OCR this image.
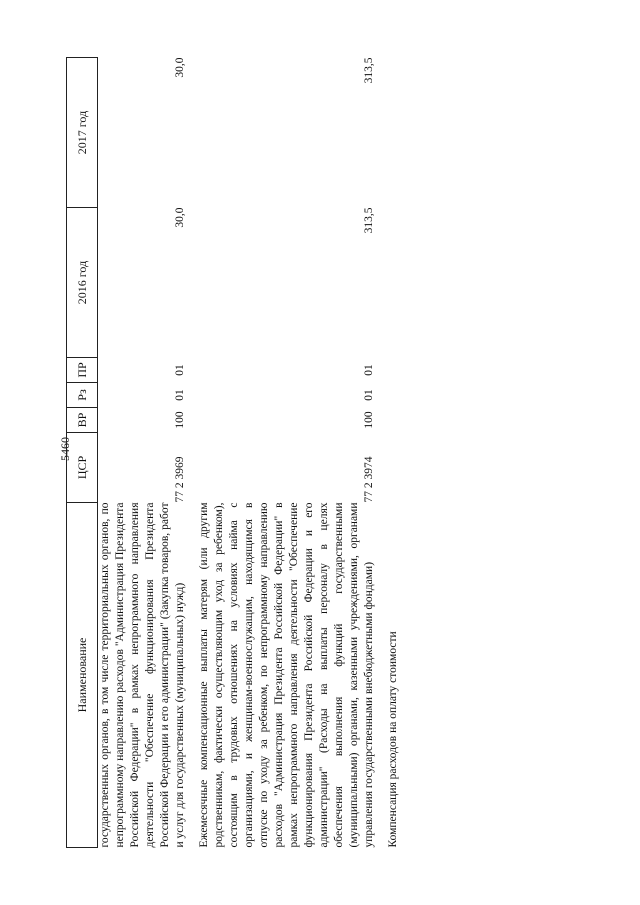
5460
Наименование	ЦСР	ВР	Рз	ПР	2016 год	2017 год
государственных органов, в том числе территориальных органов, по непрограммному направлению расходов "Администрация Президента Российской Федерации" в рамках непрограммного направления деятельности "Обеспечение функционирования Президента Российской Федерации и его администрации" (Закупка товаров, работ и услуг для государственных (муниципальных) нужд)	77 2 3969	100	01	01	30,0	30,0

Ежемесячные компенсационные выплаты матерям (или другим родственникам, фактически осуществляющим уход за ребенком), состоящим в трудовых отношениях на условиях найма с организациями, и женщинам-военнослужащим, находящимся в отпуске по уходу за ребенком, по непрограммному направлению расходов "Администрация Президента Российской Федерации" в рамках непрограммного направления деятельности "Обеспечение функционирования Президента Российской Федерации и его администрации" (Расходы на выплаты персоналу в целях обеспечения выполнения функций государственными (муниципальными) органами, казенными учреждениями, органами управления государственными внебюджетными фондами)	77 2 3974	100	01	01	313,5	313,5

Компенсация расходов на оплату стоимости						
